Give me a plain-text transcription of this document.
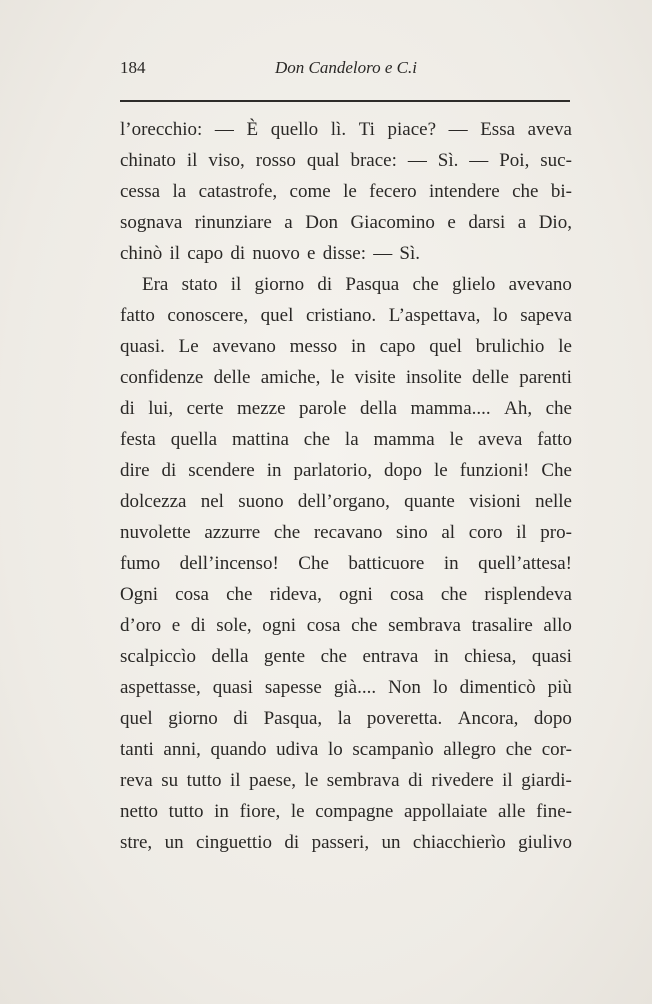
184	Don Candeloro e C.i
l’orecchio: — È quello lì. Ti piace? — Essa aveva
chinato il viso, rosso qual brace: — Sì. — Poi, suc-
cessa la catastrofe, come le fecero intendere che bi-
sognava rinunziare a Don Giacomino e darsi a Dio,
chinò il capo di nuovo e disse: — Sì.
Era stato il giorno di Pasqua che glielo avevano
fatto conoscere, quel cristiano. L’aspettava, lo sapeva
quasi. Le avevano messo in capo quel brulichio le
confidenze delle amiche, le visite insolite delle parenti
di lui, certe mezze parole della mamma.... Ah, che
festa quella mattina che la mamma le aveva fatto
dire di scendere in parlatorio, dopo le funzioni! Che
dolcezza nel suono dell’organo, quante visioni nelle
nuvolette azzurre che recavano sino al coro il pro-
fumo dell’incenso! Che batticuore in quell’attesa!
Ogni cosa che rideva, ogni cosa che risplendeva
d’oro e di sole, ogni cosa che sembrava trasalire allo
scalpiccìo della gente che entrava in chiesa, quasi
aspettasse, quasi sapesse già.... Non lo dimenticò più
quel giorno di Pasqua, la poveretta. Ancora, dopo
tanti anni, quando udiva lo scampanìo allegro che cor-
reva su tutto il paese, le sembrava di rivedere il giardi-
netto tutto in fiore, le compagne appollaiate alle fine-
stre, un cinguettio di passeri, un chiacchierìo giulivo
